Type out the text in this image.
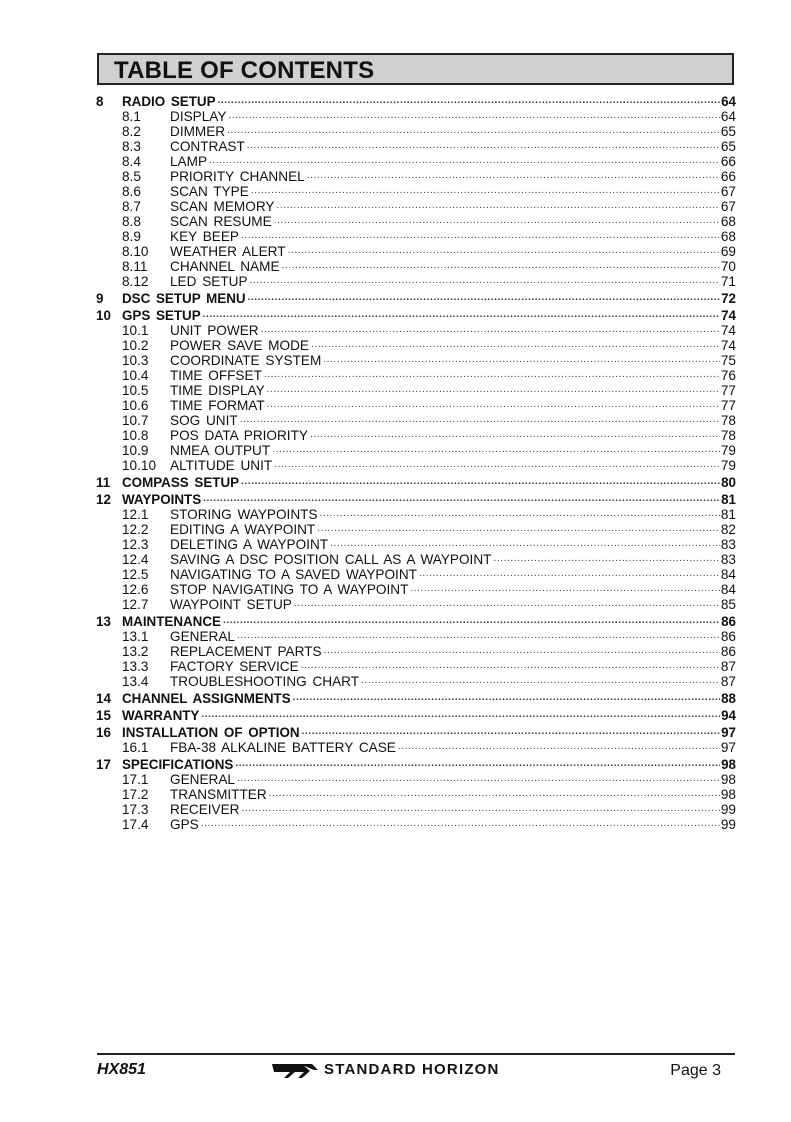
TABLE OF CONTENTS
8	RADIO SETUP .....	64
8.1	DISPLAY .....	64
8.2	DIMMER .....	65
8.3	CONTRAST .....	65
8.4	LAMP .....	66
8.5	PRIORITY CHANNEL .....	66
8.6	SCAN TYPE .....	67
8.7	SCAN MEMORY .....	67
8.8	SCAN RESUME .....	68
8.9	KEY BEEP .....	68
8.10	WEATHER ALERT .....	69
8.11	CHANNEL NAME .....	70
8.12	LED SETUP .....	71
9	DSC SETUP MENU .....	72
10 GPS SETUP .....	74
10.1	UNIT POWER .....	74
10.2	POWER SAVE MODE .....	74
10.3	COORDINATE SYSTEM .....	75
10.4	TIME OFFSET .....	76
10.5	TIME DISPLAY .....	77
10.6	TIME FORMAT .....	77
10.7	SOG UNIT .....	78
10.8	POS DATA PRIORITY .....	78
10.9	NMEA OUTPUT .....	79
10.10	ALTITUDE UNIT .....	79
11 COMPASS SETUP .....	80
12 WAYPOINTS .....	81
12.1	STORING WAYPOINTS .....	81
12.2	EDITING A WAYPOINT .....	82
12.3	DELETING A WAYPOINT .....	83
12.4	SAVING A DSC POSITION CALL AS A WAYPOINT .....	83
12.5	NAVIGATING TO A SAVED WAYPOINT .....	84
12.6	STOP NAVIGATING TO A WAYPOINT .....	84
12.7	WAYPOINT SETUP .....	85
13 MAINTENANCE .....	86
13.1	GENERAL .....	86
13.2	REPLACEMENT PARTS .....	86
13.3	FACTORY SERVICE .....	87
13.4	TROUBLESHOOTING CHART .....	87
14 CHANNEL ASSIGNMENTS .....	88
15 WARRANTY .....	94
16 INSTALLATION OF OPTION .....	97
16.1	FBA-38 ALKALINE BATTERY CASE .....	97
17 SPECIFICATIONS .....	98
17.1	GENERAL .....	98
17.2	TRANSMITTER .....	98
17.3	RECEIVER .....	99
17.4	GPS .....	99
HX851	STANDARD HORIZON	Page 3
